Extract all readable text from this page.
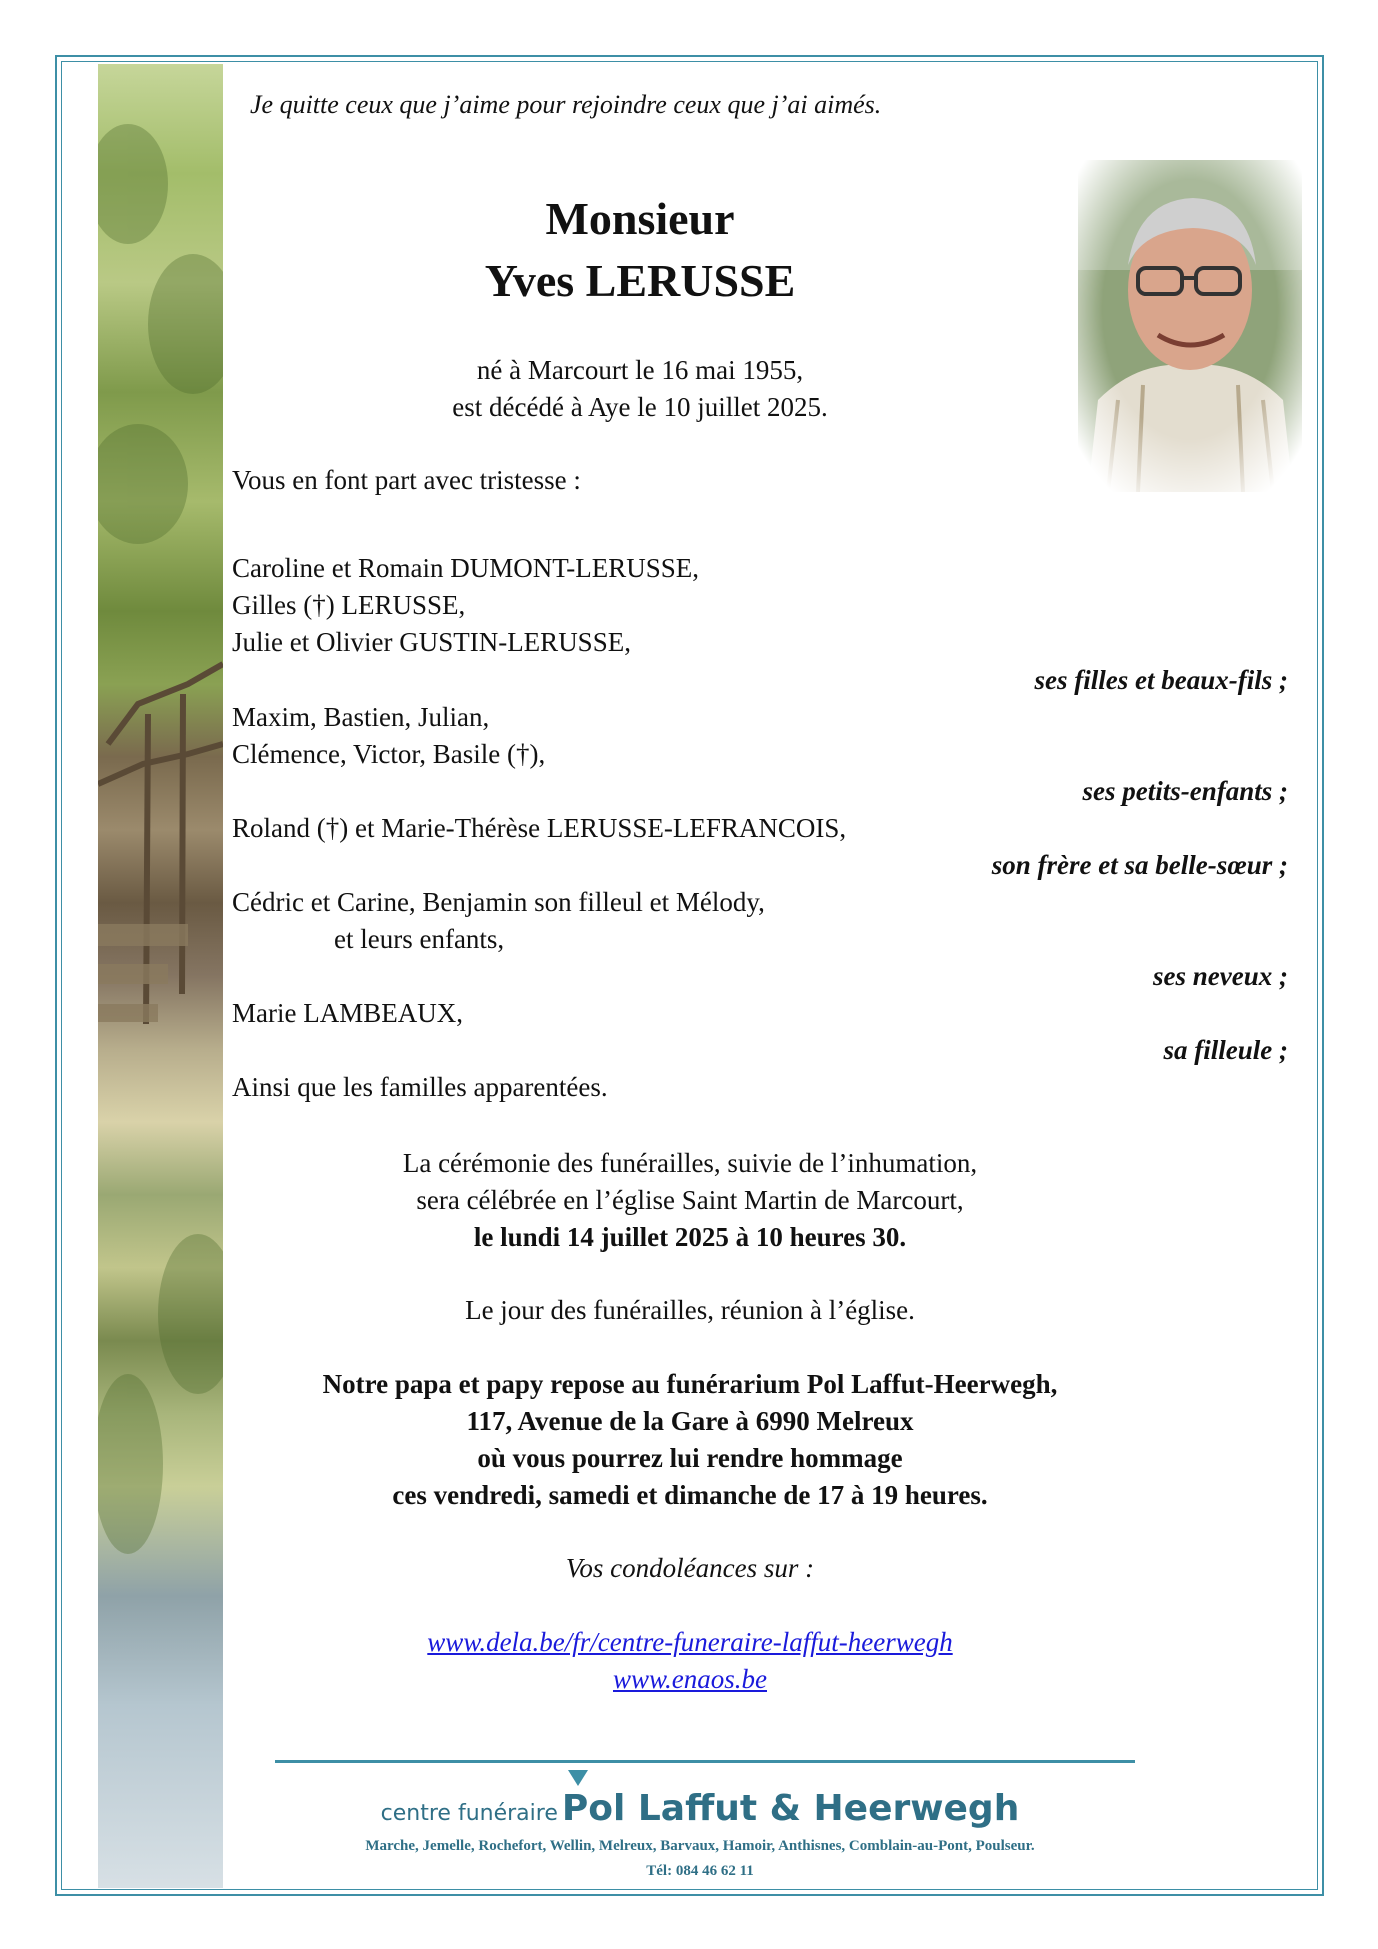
Je quitte ceux que j’aime pour rejoindre ceux que j’ai aimés.
Monsieur
Yves LERUSSE
né à Marcourt le 16 mai 1955,
est décédé à Aye le 10 juillet 2025.
Vous en font part avec tristesse :
Caroline et Romain DUMONT-LERUSSE,
Gilles (†) LERUSSE,
Julie et Olivier GUSTIN-LERUSSE,
ses filles et beaux-fils ;
Maxim, Bastien, Julian,
Clémence, Victor, Basile (†),
ses petits-enfants ;
Roland (†) et Marie-Thérèse LERUSSE-LEFRANCOIS,
son frère et sa belle-sœur ;
Cédric et Carine, Benjamin son filleul et Mélody,
et leurs enfants,
ses neveux ;
Marie LAMBEAUX,
sa filleule ;
Ainsi que les familles apparentées.
La cérémonie des funérailles, suivie de l’inhumation,
sera célébrée en l’église Saint Martin de Marcourt,
le lundi 14 juillet 2025 à 10 heures 30.
Le jour des funérailles, réunion à l’église.
Notre papa et papy repose au funérarium Pol Laffut-Heerwegh,
117, Avenue de la Gare à 6990 Melreux
où vous pourrez lui rendre hommage
ces vendredi, samedi et dimanche de 17 à 19 heures.
Vos condoléances sur :
www.dela.be/fr/centre-funeraire-laffut-heerwegh
www.enaos.be
centre funéraire Pol Laffut & Heerwegh
Marche, Jemelle, Rochefort, Wellin, Melreux, Barvaux, Hamoir, Anthisnes, Comblain-au-Pont, Poulseur.
Tél: 084 46 62 11
